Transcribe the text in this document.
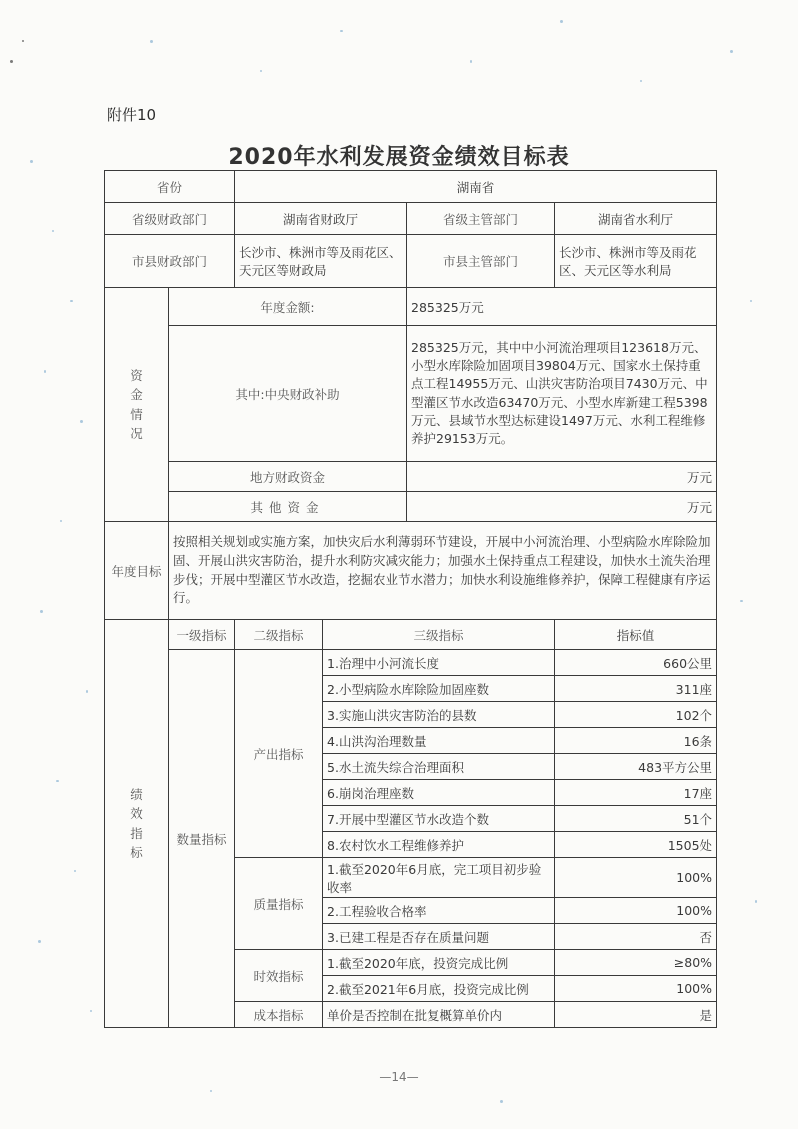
附件10
2020年水利发展资金绩效目标表
省份		湖南省			
省级财政部门		湖南省财政厅		省级主管部门	湖南省水利厅
市县财政部门		长沙市、株洲市等及雨花区、天元区等财政局		市县主管部门	长沙市、株洲市等及雨花区、天元区等水利局
资金情况	年度金额:			285325万元	
	其中:中央财政补助			285325万元，其中中小河流治理项目123618万元、小型水库除险加固项目39804万元、国家水土保持重点工程14955万元、山洪灾害防治项目7430万元、中型灌区节水改造63470万元、小型水库新建工程5398万元、县域节水型达标建设1497万元、水利工程维修养护29153万元。	
	地方财政资金			万元	
	其他资金			万元	
年度目标	按照相关规划或实施方案，加快灾后水利薄弱环节建设，开展中小河流治理、小型病险水库除险加固、开展山洪灾害防治，提升水利防灾减灾能力；加强水土保持重点工程建设，加快水土流失治理步伐；开展中型灌区节水改造，挖掘农业节水潜力；加快水利设施维修养护，保障工程健康有序运行。				
绩效指标	一级指标	二级指标	三级指标		指标值
	数量指标	产出指标	1.治理中小河流长度		660公里
			2.小型病险水库除险加固座数		311座
			3.实施山洪灾害防治的县数		102个
			4.山洪沟治理数量		16条
			5.水土流失综合治理面积		483平方公里
			6.崩岗治理座数		17座
			7.开展中型灌区节水改造个数		51个
			8.农村饮水工程维修养护		1505处
		质量指标	1.截至2020年6月底，完工项目初步验收率		100%
			2.工程验收合格率		100%
			3.已建工程是否存在质量问题		否
		时效指标	1.截至2020年底，投资完成比例		≥80%
			2.截至2021年6月底，投资完成比例		100%
		成本指标	单价是否控制在批复概算单价内		是
—14—
